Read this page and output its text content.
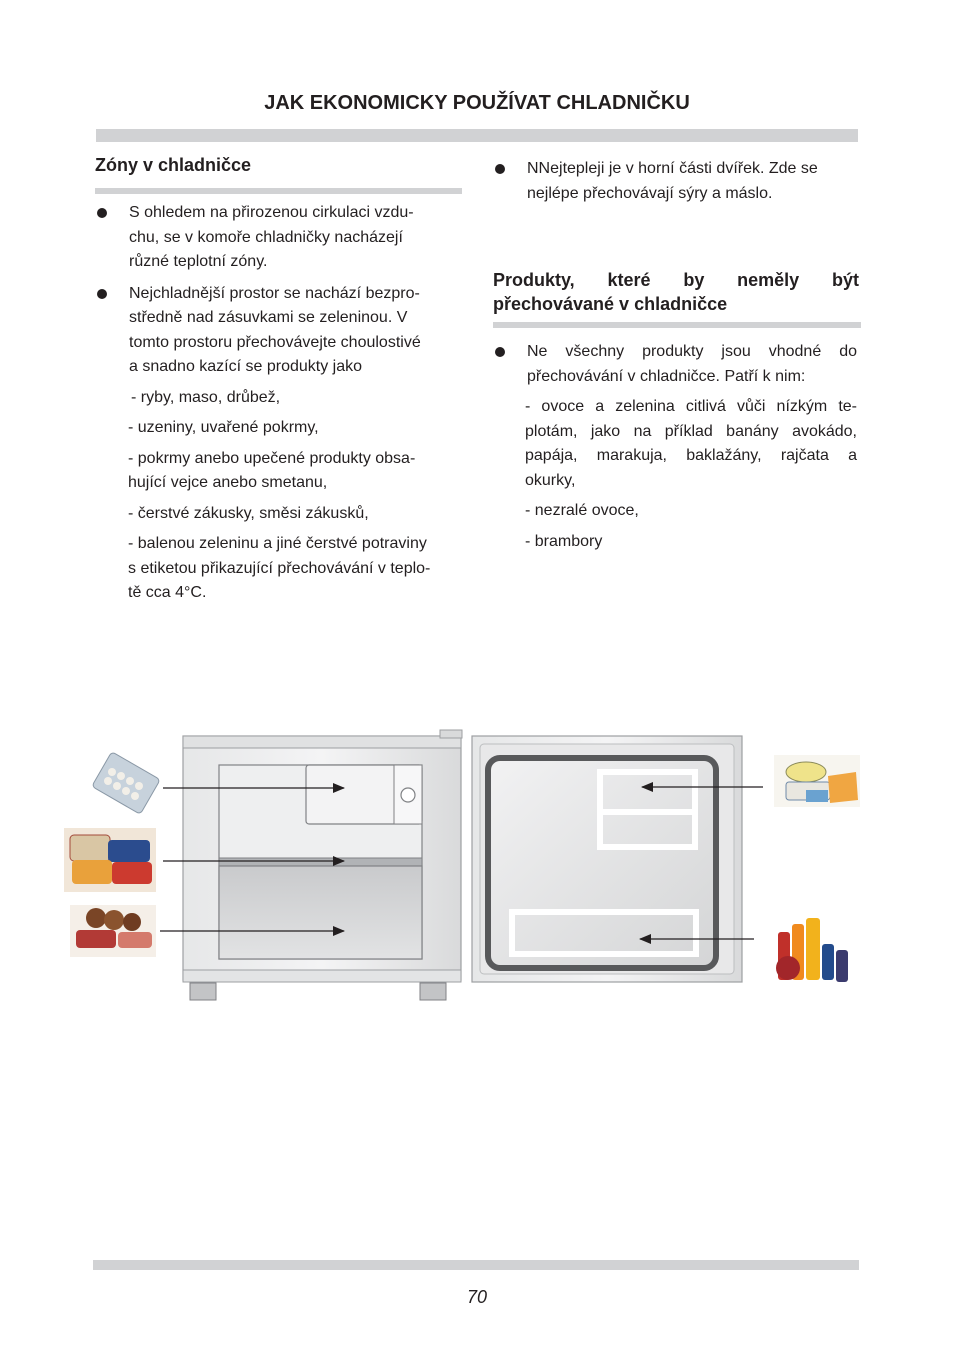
JAK EKONOMICKY POUŽÍVAT CHLADNIČKU
Zóny v chladničce
S ohledem na přirozenou cirkulaci vzdu-
chu, se v komoře chladničky nacházejí
různé teplotní zóny.
Nejchladnější prostor se nachází bezpro-
středně nad zásuvkami se zeleninou. V
tomto prostoru přechovávejte choulostivé
a snadno kazící se produkty jako
- ryby, maso, drůbež,
- uzeniny, uvařené pokrmy,
- pokrmy anebo upečené produkty obsa-
hující vejce anebo smetanu,
- čerstvé zákusky, směsi zákusků,
- balenou zeleninu a jiné čerstvé potraviny
s etiketou přikazující přechovávání v teplo-
tě cca 4°C.
NNejtepleji je v horní části dvířek. Zde se
nejlépe přechovávají sýry a máslo.
Produkty, které by neměly být
přechovávané v chladničce
Ne všechny produkty jsou vhodné do
přechovávání v chladničce. Patří k nim:
- ovoce a zelenina citlivá vůči nízkým te-
plotám, jako na příklad banány avokádo,
papája, marakuja, baklažány, rajčata a
okurky,
- nezralé ovoce,
- brambory
70
